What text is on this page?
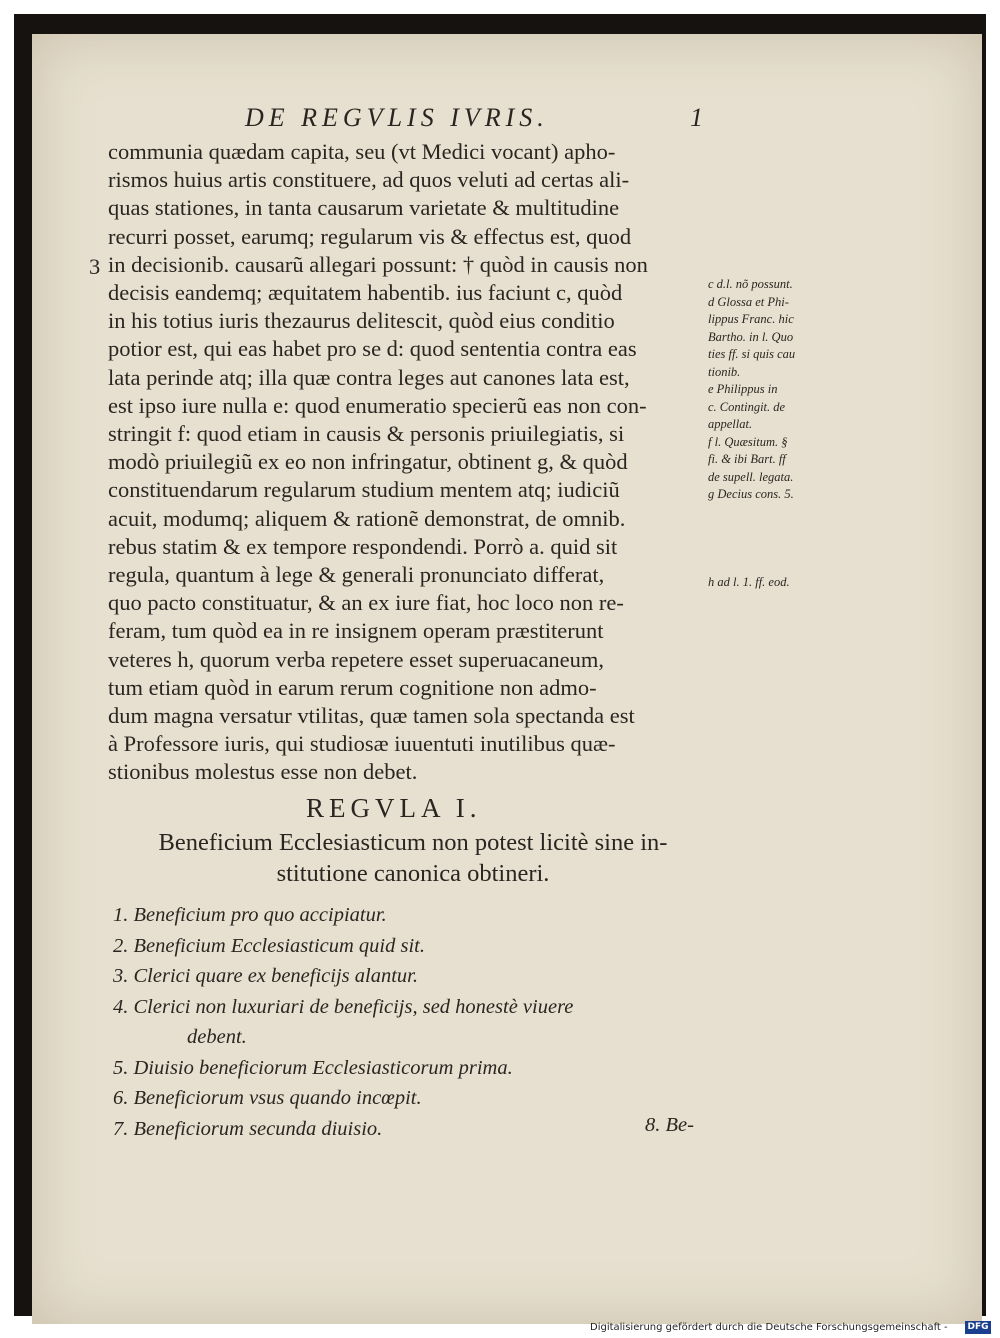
DE REGVLIS IVRIS.	1
3
communia quædam capita, seu (vt Medici vocant) apho-
rismos huius artis constituere, ad quos veluti ad certas ali-
quas stationes, in tanta causarum varietate & multitudine
recurri posset, earumq; regularum vis & effectus est, quod
in decisionib. causarũ allegari possunt: † quòd in causis non
decisis eandemq; æquitatem habentib. ius faciunt c, quòd
in his totius iuris thezaurus delitescit, quòd eius conditio
potior est, qui eas habet pro se d: quod sententia contra eas
lata perinde atq; illa quæ contra leges aut canones lata est,
est ipso iure nulla e: quod enumeratio specierũ eas non con-
stringit f: quod etiam in causis & personis priuilegiatis, si
modò priuilegiũ ex eo non infringatur, obtinent g, & quòd
constituendarum regularum studium mentem atq; iudiciũ
acuit, modumq; aliquem & rationẽ demonstrat, de omnib.
rebus statim & ex tempore respondendi. Porrò a. quid sit
regula, quantum à lege & generali pronunciato differat,
quo pacto constituatur, & an ex iure fiat, hoc loco non re-
feram, tum quòd ea in re insignem operam præstiterunt
veteres h, quorum verba repetere esset superuacaneum,
tum etiam quòd in earum rerum cognitione non admo-
dum magna versatur vtilitas, quæ tamen sola spectanda est
à Professore iuris, qui studiosæ iuuentuti inutilibus quæ-
stionibus molestus esse non debet.
c d.l. nõ possunt.
d Glossa et Phi-
lippus Franc. hic
Bartho. in l. Quo
ties ff. si quis cau
tionib.
e Philippus in
c. Contingit. de
appellat.
f l. Quæsitum. §
fi. & ibi Bart. ff
de supell. legata.
g Decius cons. 5.
h ad l. 1. ff. eod.
REGVLA I.
Beneficium Ecclesiasticum non potest licitè sine in-
stitutione canonica obtineri.
1. Beneficium pro quo accipiatur.
2. Beneficium Ecclesiasticum quid sit.
3. Clerici quare ex beneficijs alantur.
4. Clerici non luxuriari de beneficijs, sed honestè viuere
debent.
5. Diuisio beneficiorum Ecclesiasticorum prima.
6. Beneficiorum vsus quando incœpit.
7. Beneficiorum secunda diuisio.	8. Be-
Digitalisierung gefördert durch die Deutsche Forschungsgemeinschaft - DFG
